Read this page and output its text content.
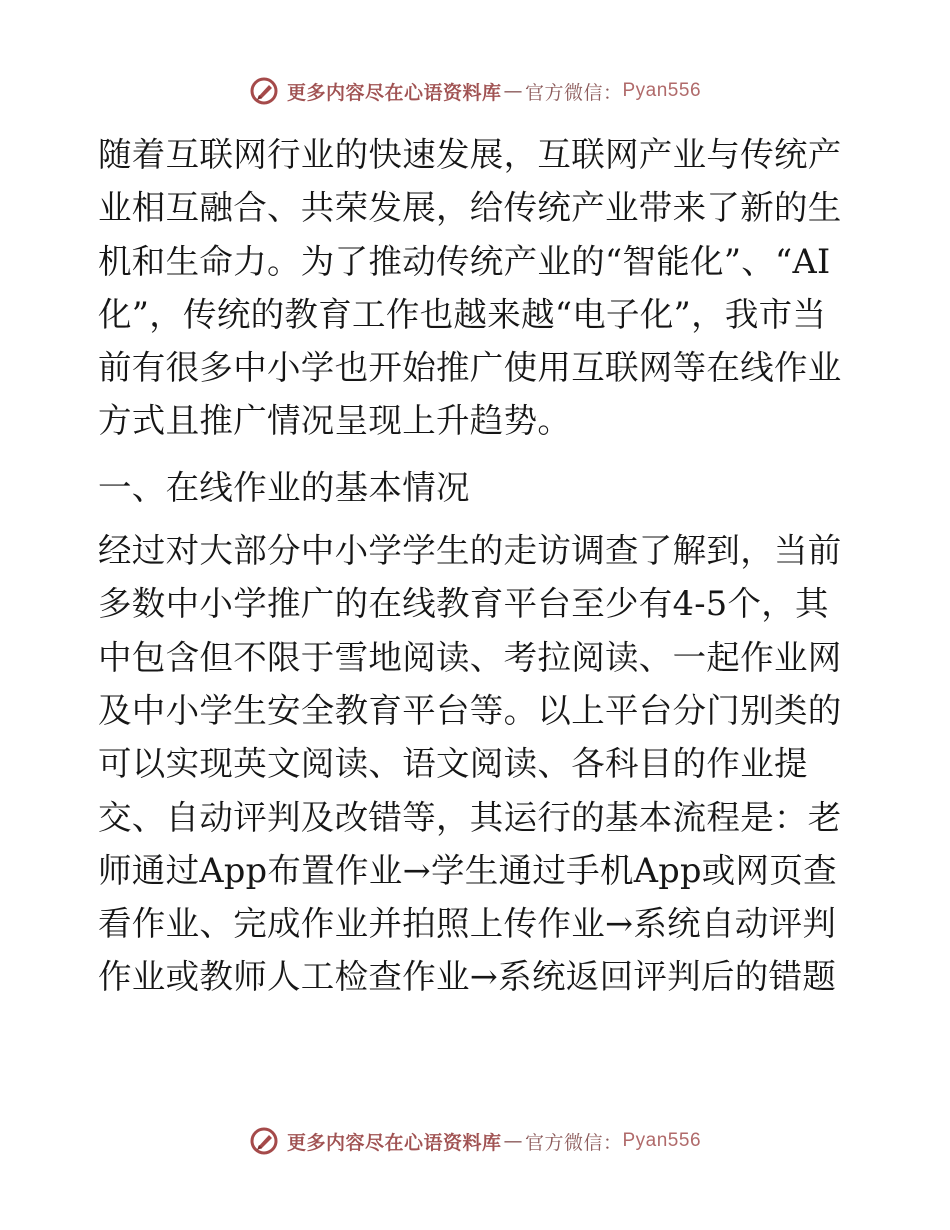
更多内容尽在心语资料库 — 官方微信： Pyan556

随着互联网行业的快速发展，互联网产业与传统产业相互融合、共荣发展，给传统产业带来了新的生机和生命力。为了推动传统产业的“智能化”、“AI化”，传统的教育工作也越来越“电子化”，我市当前有很多中小学也开始推广使用互联网等在线作业方式且推广情况呈现上升趋势。

一、在线作业的基本情况

经过对大部分中小学学生的走访调查了解到，当前多数中小学推广的在线教育平台至少有4-5个，其中包含但不限于雪地阅读、考拉阅读、一起作业网及中小学生安全教育平台等。以上平台分门别类的可以实现英文阅读、语文阅读、各科目的作业提交、自动评判及改错等，其运行的基本流程是：老师通过App布置作业→学生通过手机App或网页查看作业、完成作业并拍照上传作业→系统自动评判作业或教师人工检查作业→系统返回评判后的错题

更多内容尽在心语资料库 — 官方微信： Pyan556
